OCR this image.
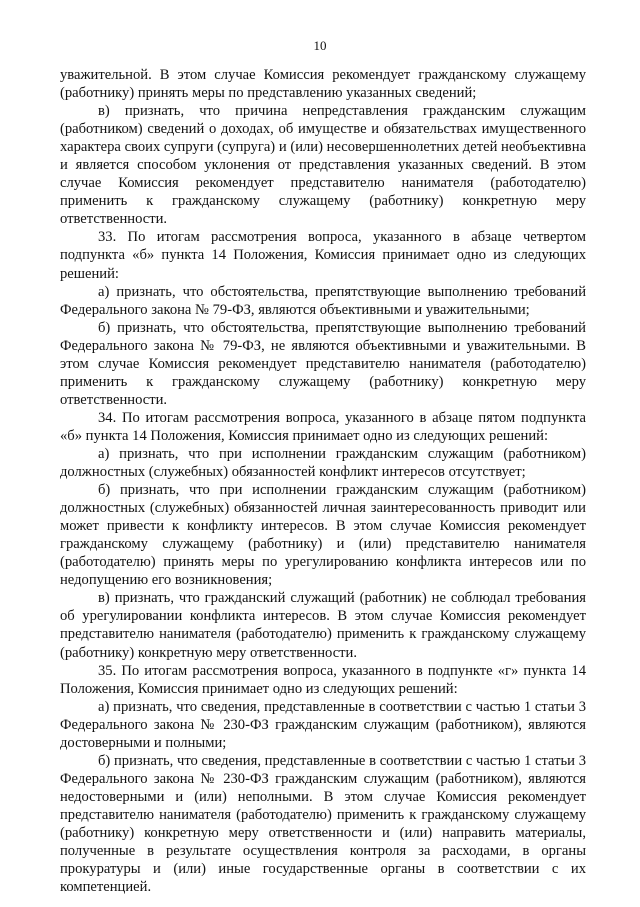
10

уважительной. В этом случае Комиссия рекомендует гражданскому служащему (работнику) принять меры по представлению указанных сведений;

в) признать, что причина непредставления гражданским служащим (работником) сведений о доходах, об имуществе и обязательствах имущественного характера своих супруги (супруга) и (или) несовершеннолетних детей необъективна и является способом уклонения от представления указанных сведений. В этом случае Комиссия рекомендует представителю нанимателя (работодателю) применить к гражданскому служащему (работнику) конкретную меру ответственности.

33. По итогам рассмотрения вопроса, указанного в абзаце четвертом подпункта «б» пункта 14 Положения, Комиссия принимает одно из следующих решений:

а) признать, что обстоятельства, препятствующие выполнению требований Федерального закона № 79-ФЗ, являются объективными и уважительными;

б) признать, что обстоятельства, препятствующие выполнению требований Федерального закона № 79-ФЗ, не являются объективными и уважительными. В этом случае Комиссия рекомендует представителю нанимателя (работодателю) применить к гражданскому служащему (работнику) конкретную меру ответственности.

34. По итогам рассмотрения вопроса, указанного в абзаце пятом подпункта «б» пункта 14 Положения, Комиссия принимает одно из следующих решений:

а) признать, что при исполнении гражданским служащим (работником) должностных (служебных) обязанностей конфликт интересов отсутствует;

б) признать, что при исполнении гражданским служащим (работником) должностных (служебных) обязанностей личная заинтересованность приводит или может привести к конфликту интересов. В этом случае Комиссия рекомендует гражданскому служащему (работнику) и (или) представителю нанимателя (работодателю) принять меры по урегулированию конфликта интересов или по недопущению его возникновения;

в) признать, что гражданский служащий (работник) не соблюдал требования об урегулировании конфликта интересов. В этом случае Комиссия рекомендует представителю нанимателя (работодателю) применить к гражданскому служащему (работнику) конкретную меру ответственности.

35. По итогам рассмотрения вопроса, указанного в подпункте «г» пункта 14 Положения, Комиссия принимает одно из следующих решений:

а) признать, что сведения, представленные в соответствии с частью 1 статьи 3 Федерального закона № 230-ФЗ гражданским служащим (работником), являются достоверными и полными;

б) признать, что сведения, представленные в соответствии с частью 1 статьи 3 Федерального закона № 230-ФЗ гражданским служащим (работником), являются недостоверными и (или) неполными. В этом случае Комиссия рекомендует представителю нанимателя (работодателю) применить к гражданскому служащему (работнику) конкретную меру ответственности и (или) направить материалы, полученные в результате осуществления контроля за расходами, в органы прокуратуры и (или) иные государственные органы в соответствии с их компетенцией.
